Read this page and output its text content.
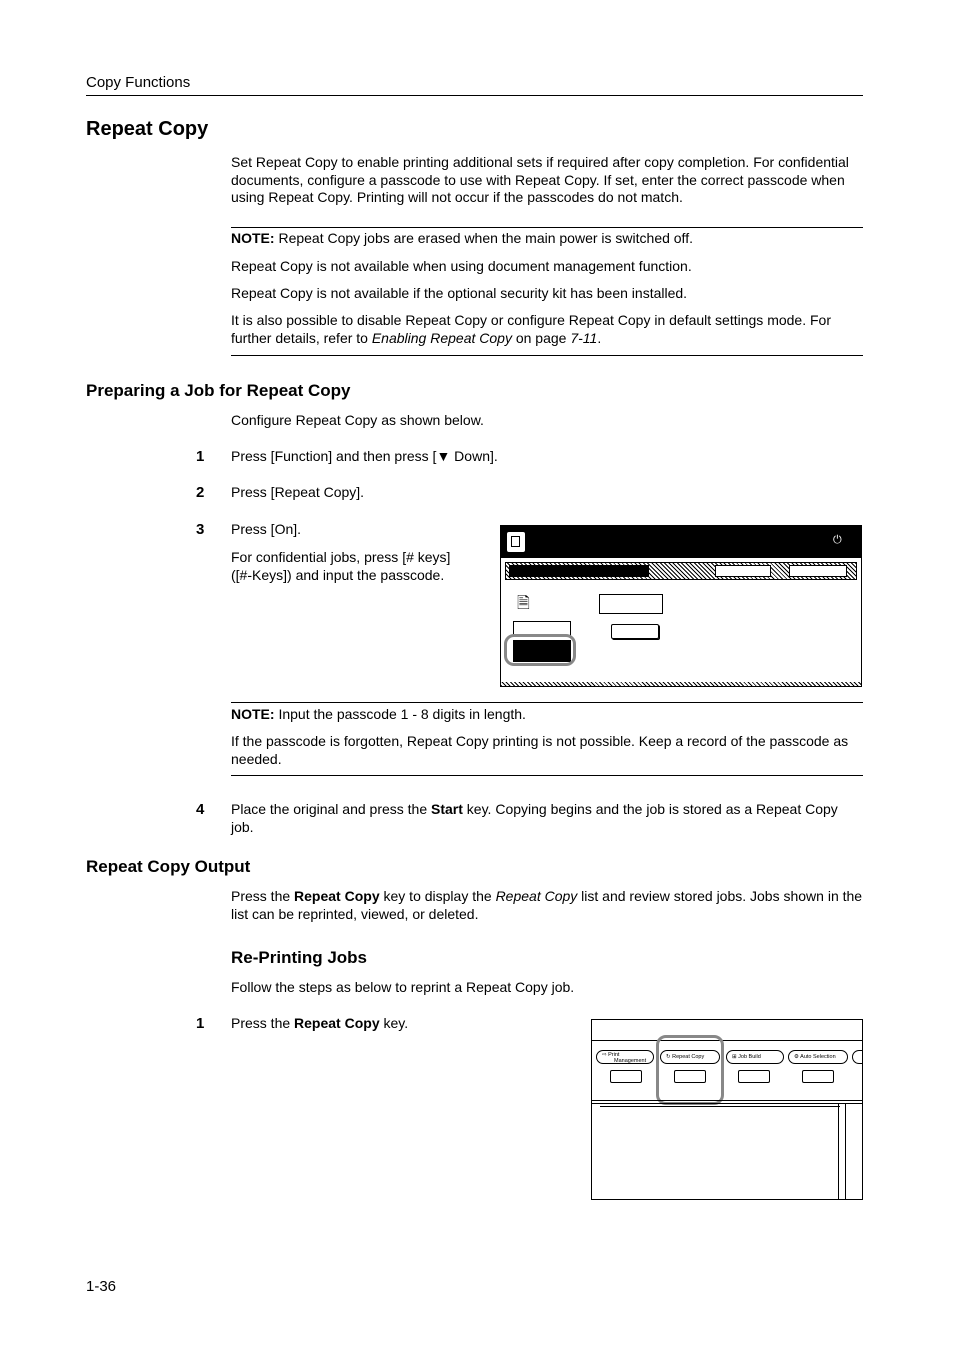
Copy Functions
Repeat Copy
Set Repeat Copy to enable printing additional sets if required after copy completion. For confidential documents, configure a passcode to use with Repeat Copy. If set, enter the correct passcode when using Repeat Copy. Printing will not occur if the passcodes do not match.
NOTE: Repeat Copy jobs are erased when the main power is switched off.
Repeat Copy is not available when using document management function.
Repeat Copy is not available if the optional security kit has been installed.
It is also possible to disable Repeat Copy or configure Repeat Copy in default settings mode. For further details, refer to Enabling Repeat Copy on page 7-11.
Preparing a Job for Repeat Copy
Configure Repeat Copy as shown below.
1 Press [Function] and then press [▼ Down].
2 Press [Repeat Copy].
3 Press [On].
For confidential jobs, press [# keys] ([#-Keys]) and input the passcode.
⏻
🗎
NOTE: Input the passcode 1 - 8 digits in length.
If the passcode is forgotten, Repeat Copy printing is not possible. Keep a record of the passcode as needed.
4 Place the original and press the Start key. Copying begins and the job is stored as a Repeat Copy job.
Repeat Copy Output
Press the Repeat Copy key to display the Repeat Copy list and review stored jobs. Jobs shown in the list can be reprinted, viewed, or deleted.
Re-Printing Jobs
Follow the steps as below to reprint a Repeat Copy job.
1 Press the Repeat Copy key.
⇨ Print
Management
↻ Repeat Copy	⊞ Job Build	⚙ Auto Selection
1-36
